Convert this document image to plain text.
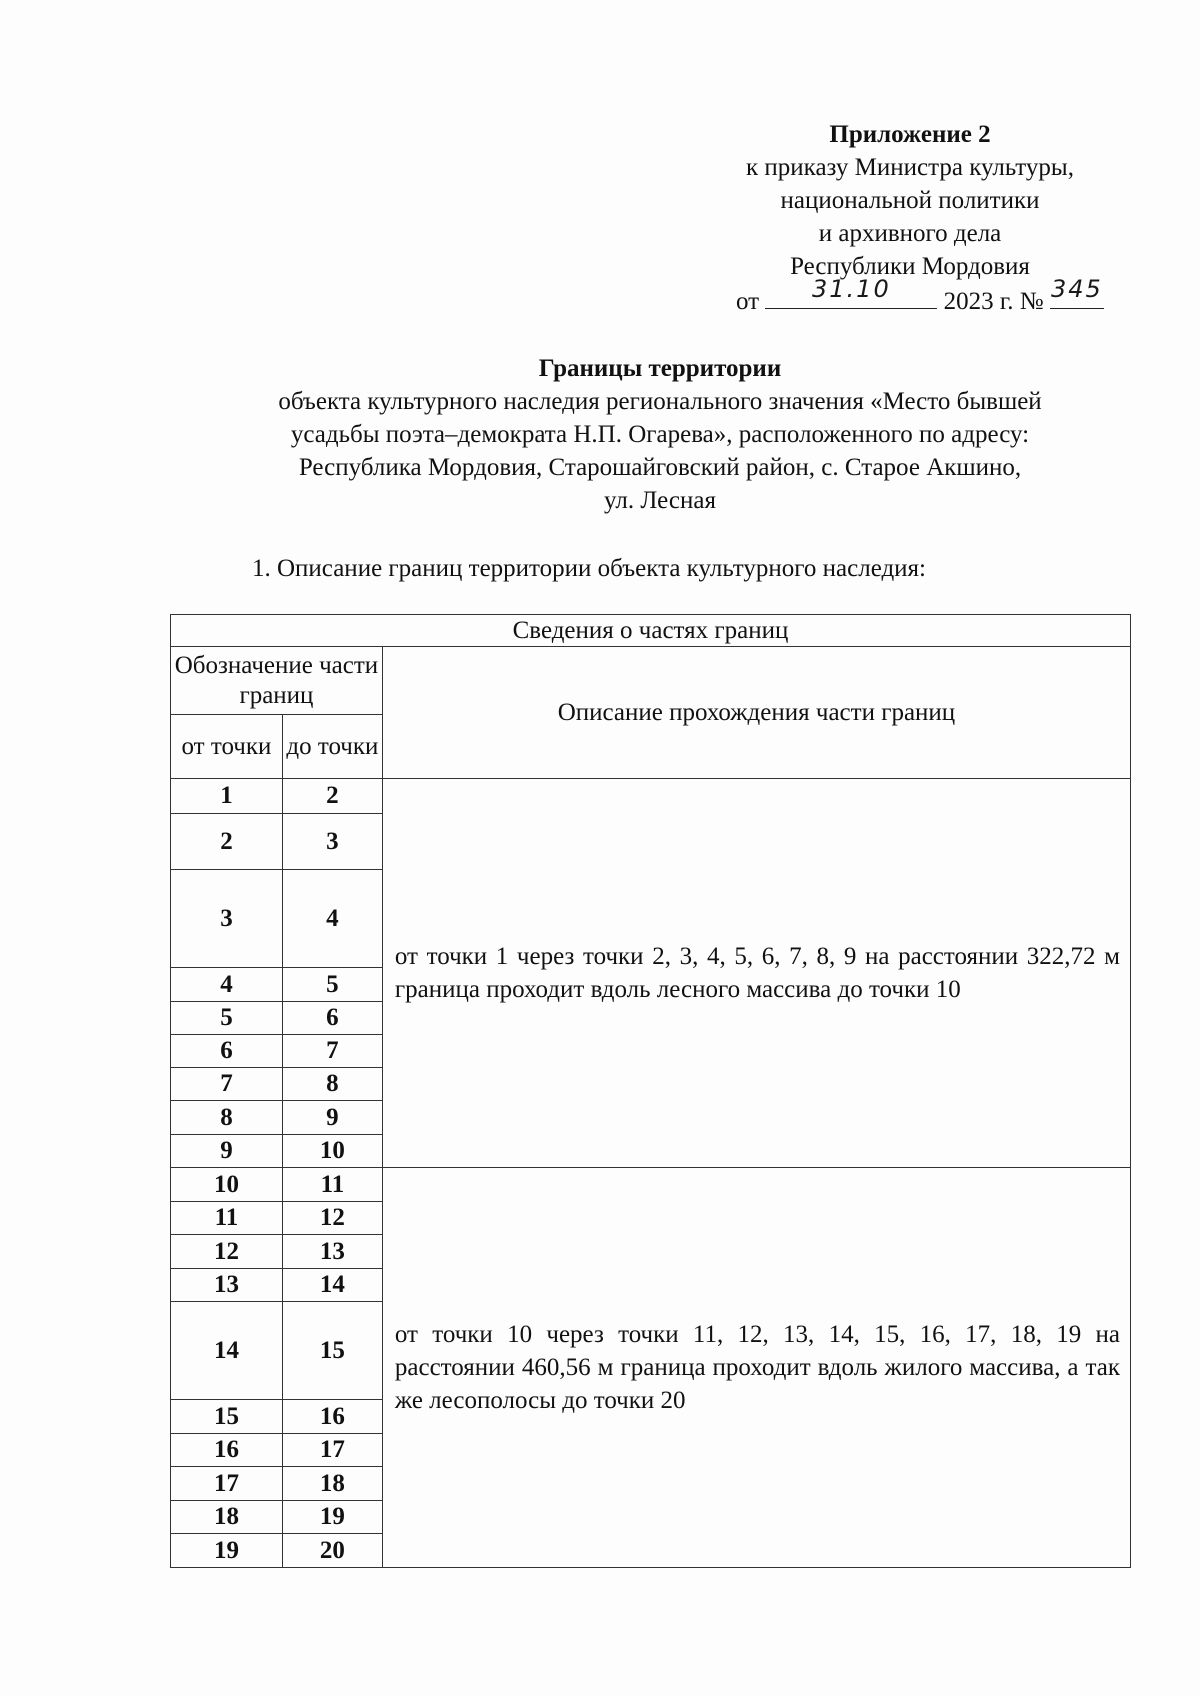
Приложение 2
к приказу Министра культуры,
национальной политики
и архивного дела
Республики Мордовия
от	31.10	2023 г. № 345
Границы территории
объекта культурного наследия регионального значения «Место бывшей
усадьбы поэта–демократа Н.П. Огарева», расположенного по адресу:
Республика Мордовия, Старошайговский район, с. Старое Акшино,
ул. Лесная
1. Описание границ территории объекта культурного наследия:
Сведения о частях границ		
Обозначение части границ		Описание прохождения части границ
от точки	до точки	
1	2	от точки 1 через точки 2, 3, 4, 5, 6, 7, 8, 9 на расстоянии 322,72 м граница проходит вдоль лесного массива до точки 10
2	3	
3	4	
4	5	
5	6	
6	7	
7	8	
8	9	
9	10	
10	11	от точки 10 через точки 11, 12, 13, 14, 15, 16, 17, 18, 19 на расстоянии 460,56 м граница проходит вдоль жилого массива, а так же лесополосы до точки 20
11	12	
12	13	
13	14	
14	15	
15	16	
16	17	
17	18	
18	19	
19	20	
